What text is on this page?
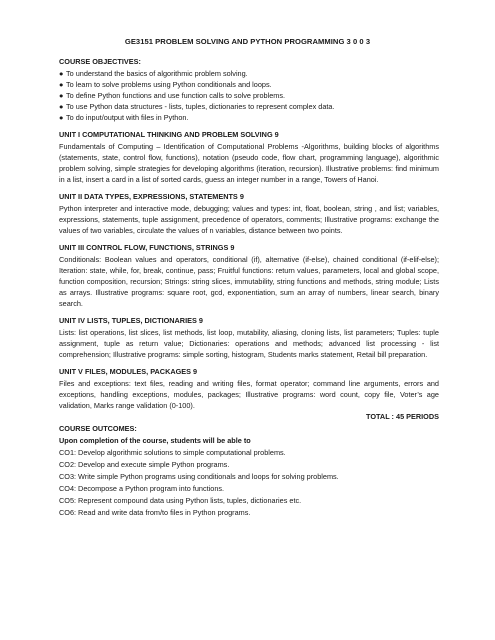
GE3151 PROBLEM SOLVING AND PYTHON PROGRAMMING 3 0 0 3

COURSE OBJECTIVES:

● To understand the basics of algorithmic problem solving.

● To learn to solve problems using Python conditionals and loops.

● To define Python functions and use function calls to solve problems.

● To use Python data structures - lists, tuples, dictionaries to represent complex data.

● To do input/output with files in Python.

UNIT I COMPUTATIONAL THINKING AND PROBLEM SOLVING 9

Fundamentals of Computing – Identification of Computational Problems -Algorithms, building blocks of algorithms (statements, state, control flow, functions), notation (pseudo code, flow chart, programming language), algorithmic problem solving, simple strategies for developing algorithms (iteration, recursion). Illustrative problems: find minimum in a list, insert a card in a list of sorted cards, guess an integer number in a range, Towers of Hanoi.

UNIT II DATA TYPES, EXPRESSIONS, STATEMENTS 9

Python interpreter and interactive mode, debugging; values and types: int, float, boolean, string , and list; variables, expressions, statements, tuple assignment, precedence of operators, comments; Illustrative programs: exchange the values of two variables, circulate the values of n variables, distance between two points.

UNIT III CONTROL FLOW, FUNCTIONS, STRINGS 9

Conditionals: Boolean values and operators, conditional (if), alternative (if-else), chained conditional (if-elif-else); Iteration: state, while, for, break, continue, pass; Fruitful functions: return values, parameters, local and global scope, function composition, recursion; Strings: string slices, immutability, string functions and methods, string module; Lists as arrays. Illustrative programs: square root, gcd, exponentiation, sum an array of numbers, linear search, binary search.

UNIT IV LISTS, TUPLES, DICTIONARIES 9

Lists: list operations, list slices, list methods, list loop, mutability, aliasing, cloning lists, list parameters; Tuples: tuple assignment, tuple as return value; Dictionaries: operations and methods; advanced list processing - list comprehension; Illustrative programs: simple sorting, histogram, Students marks statement, Retail bill preparation.

UNIT V FILES, MODULES, PACKAGES 9

Files and exceptions: text files, reading and writing files, format operator; command line arguments, errors and exceptions, handling exceptions, modules, packages; Illustrative programs: word count, copy file, Voter’s age validation, Marks range validation (0-100).

TOTAL : 45 PERIODS

COURSE OUTCOMES:

Upon completion of the course, students will be able to

CO1: Develop algorithmic solutions to simple computational problems.

CO2: Develop and execute simple Python programs.

CO3: Write simple Python programs using conditionals and loops for solving problems.

CO4: Decompose a Python program into functions.

CO5: Represent compound data using Python lists, tuples, dictionaries etc.

CO6: Read and write data from/to files in Python programs.
